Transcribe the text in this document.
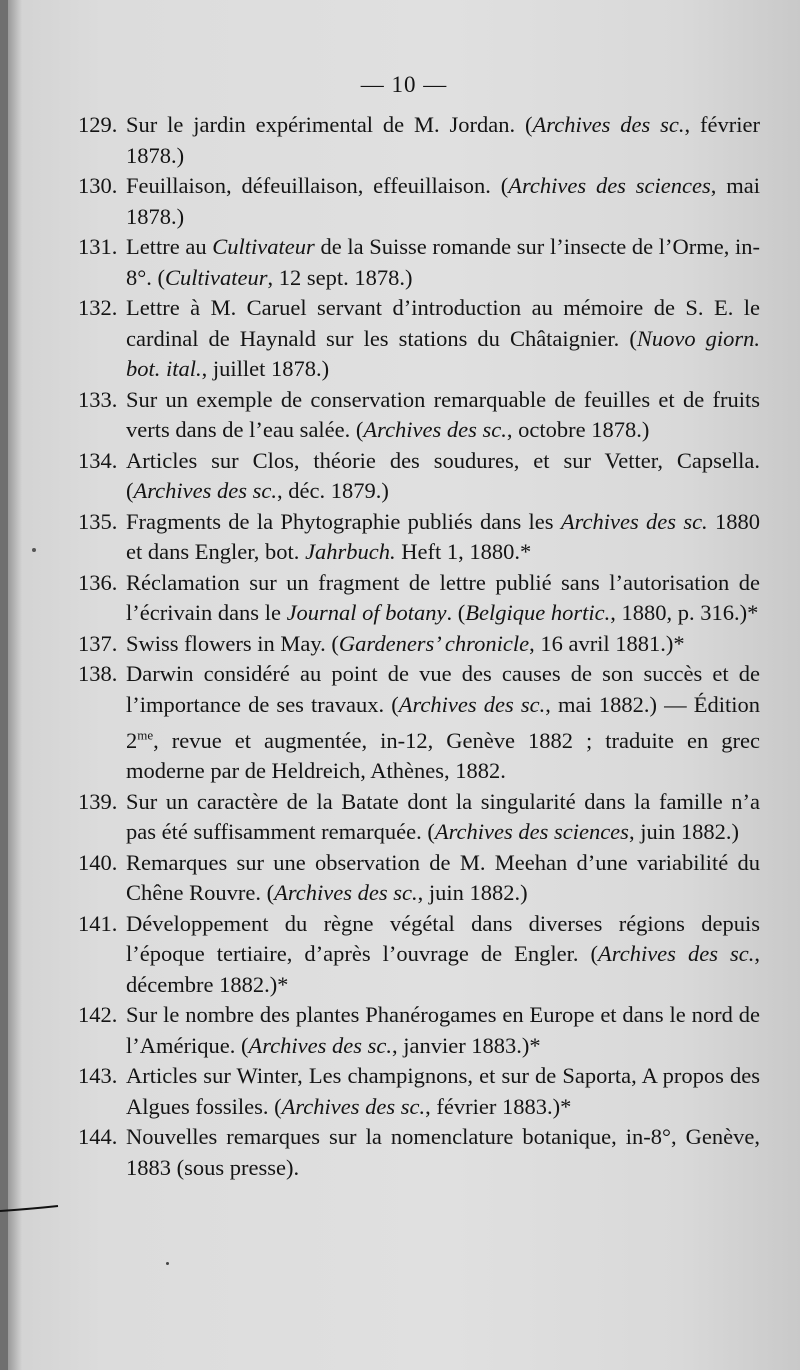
— 10 —
129. Sur le jardin expérimental de M. Jordan. (Archives des sc., février 1878.)
130. Feuillaison, défeuillaison, effeuillaison. (Archives des sciences, mai 1878.)
131. Lettre au Cultivateur de la Suisse romande sur l’insecte de l’Orme, in-8°. (Cultivateur, 12 sept. 1878.)
132. Lettre à M. Caruel servant d’introduction au mémoire de S. E. le cardinal de Haynald sur les stations du Châtaignier. (Nuovo giorn. bot. ital., juillet 1878.)
133. Sur un exemple de conservation remarquable de feuilles et de fruits verts dans de l’eau salée. (Archives des sc., octobre 1878.)
134. Articles sur Clos, théorie des soudures, et sur Vetter, Capsella. (Archives des sc., déc. 1879.)
135. Fragments de la Phytographie publiés dans les Archives des sc. 1880 et dans Engler, bot. Jahrbuch. Heft 1, 1880.*
136. Réclamation sur un fragment de lettre publié sans l’autorisation de l’écrivain dans le Journal of botany. (Belgique hortic., 1880, p. 316.)*
137. Swiss flowers in May. (Gardeners’ chronicle, 16 avril 1881.)*
138. Darwin considéré au point de vue des causes de son succès et de l’importance de ses travaux. (Archives des sc., mai 1882.) — Édition $2^{me}$, revue et augmentée, in-12, Genève 1882 ; traduite en grec moderne par de Heldreich, Athènes, 1882.
139. Sur un caractère de la Batate dont la singularité dans la famille n’a pas été suffisamment remarquée. (Archives des sciences, juin 1882.)
140. Remarques sur une observation de M. Meehan d’une variabilité du Chêne Rouvre. (Archives des sc., juin 1882.)
141. Développement du règne végétal dans diverses régions depuis l’époque tertiaire, d’après l’ouvrage de Engler. (Archives des sc., décembre 1882.)*
142. Sur le nombre des plantes Phanérogames en Europe et dans le nord de l’Amérique. (Archives des sc., janvier 1883.)*
143. Articles sur Winter, Les champignons, et sur de Saporta, A propos des Algues fossiles. (Archives des sc., février 1883.)*
144. Nouvelles remarques sur la nomenclature botanique, in-8°, Genève, 1883 (sous presse).
